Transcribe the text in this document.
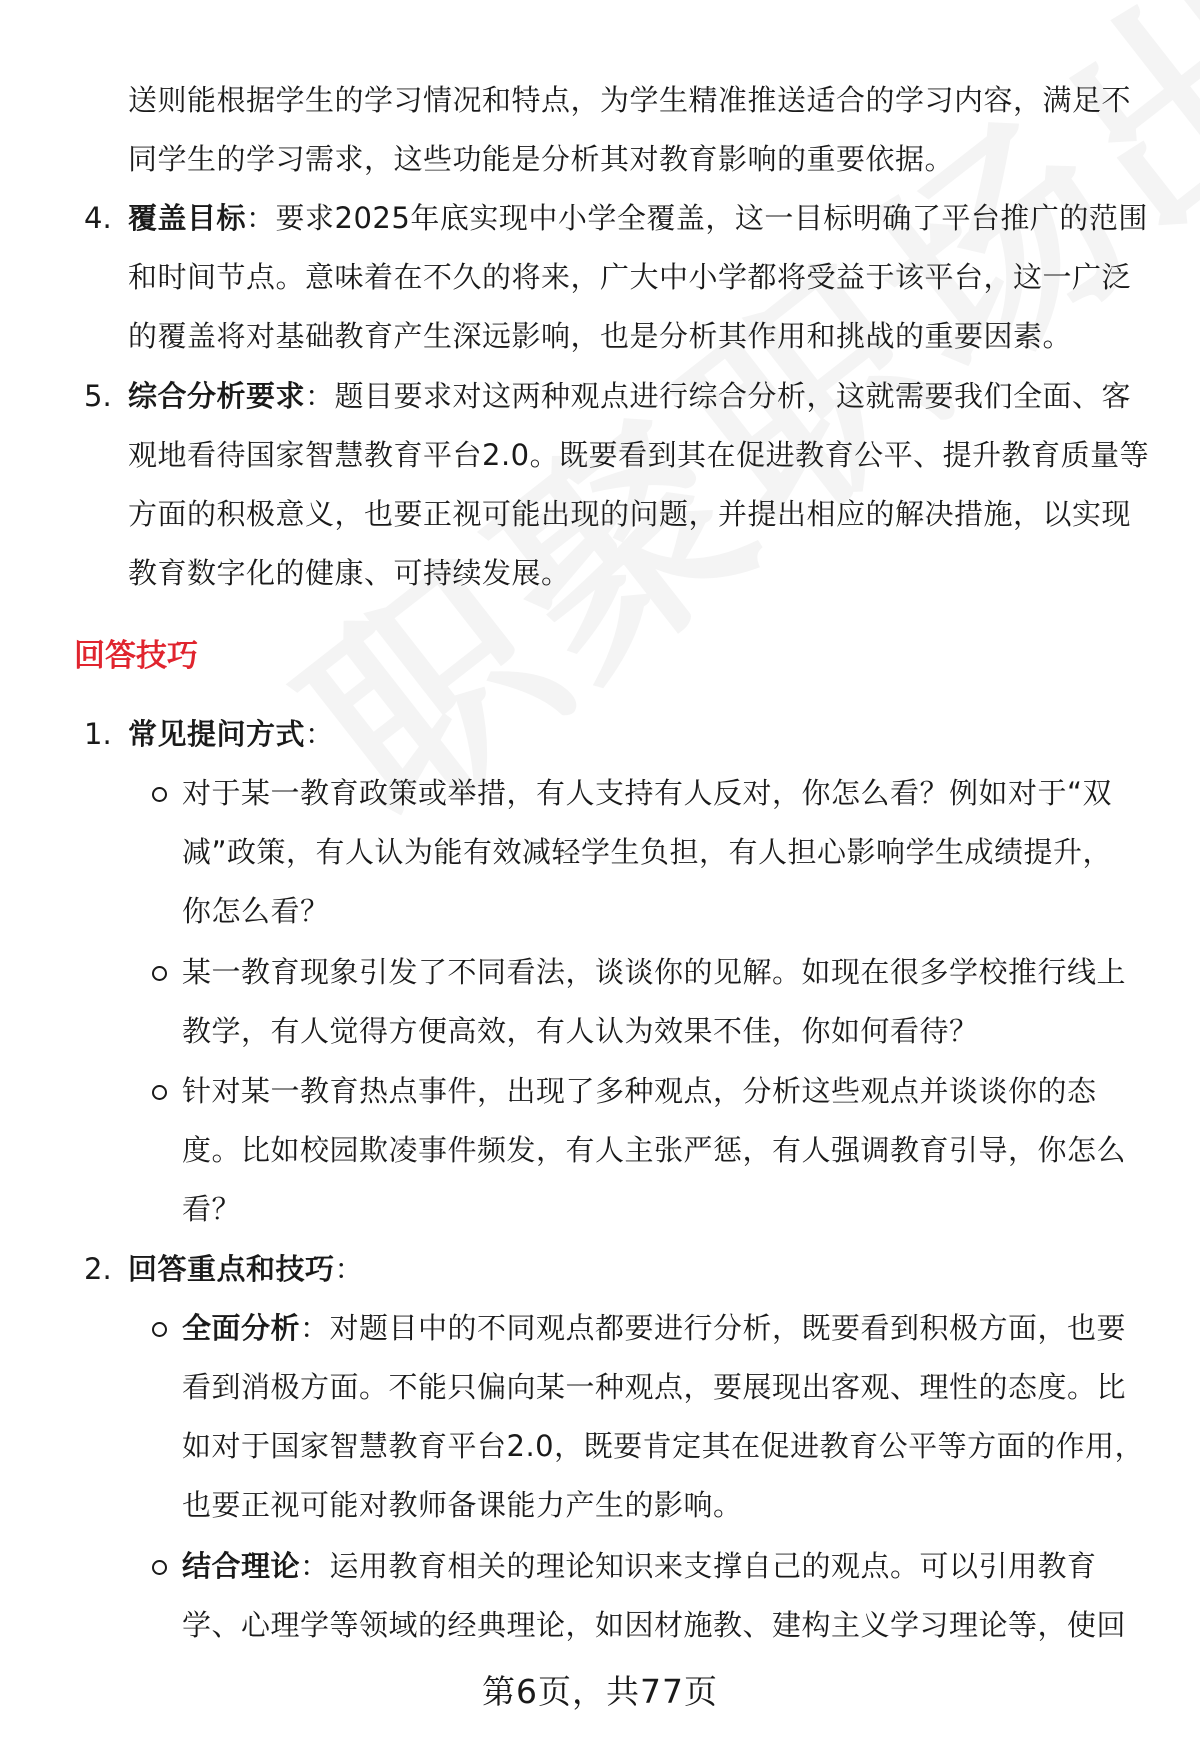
送则能根据学生的学习情况和特点，为学生精准推送适合的学习内容，满足不
同学生的学习需求，这些功能是分析其对教育影响的重要依据。
4. 覆盖目标：要求2025年底实现中小学全覆盖，这一目标明确了平台推广的范围
和时间节点。意味着在不久的将来，广大中小学都将受益于该平台，这一广泛
的覆盖将对基础教育产生深远影响，也是分析其作用和挑战的重要因素。
5. 综合分析要求：题目要求对这两种观点进行综合分析，这就需要我们全面、客
观地看待国家智慧教育平台2.0。既要看到其在促进教育公平、提升教育质量等
方面的积极意义，也要正视可能出现的问题，并提出相应的解决措施，以实现
教育数字化的健康、可持续发展。
回答技巧
1. 常见提问方式：
对于某一教育政策或举措，有人支持有人反对，你怎么看？例如对于“双
减”政策，有人认为能有效减轻学生负担，有人担心影响学生成绩提升，
你怎么看？
某一教育现象引发了不同看法，谈谈你的见解。如现在很多学校推行线上
教学，有人觉得方便高效，有人认为效果不佳，你如何看待？
针对某一教育热点事件，出现了多种观点，分析这些观点并谈谈你的态
度。比如校园欺凌事件频发，有人主张严惩，有人强调教育引导，你怎么
看？
2. 回答重点和技巧：
全面分析：对题目中的不同观点都要进行分析，既要看到积极方面，也要
看到消极方面。不能只偏向某一种观点，要展现出客观、理性的态度。比
如对于国家智慧教育平台2.0，既要肯定其在促进教育公平等方面的作用，
也要正视可能对教师备课能力产生的影响。
结合理论：运用教育相关的理论知识来支撑自己的观点。可以引用教育
学、心理学等领域的经典理论，如因材施教、建构主义学习理论等，使回
第6页，共77页
